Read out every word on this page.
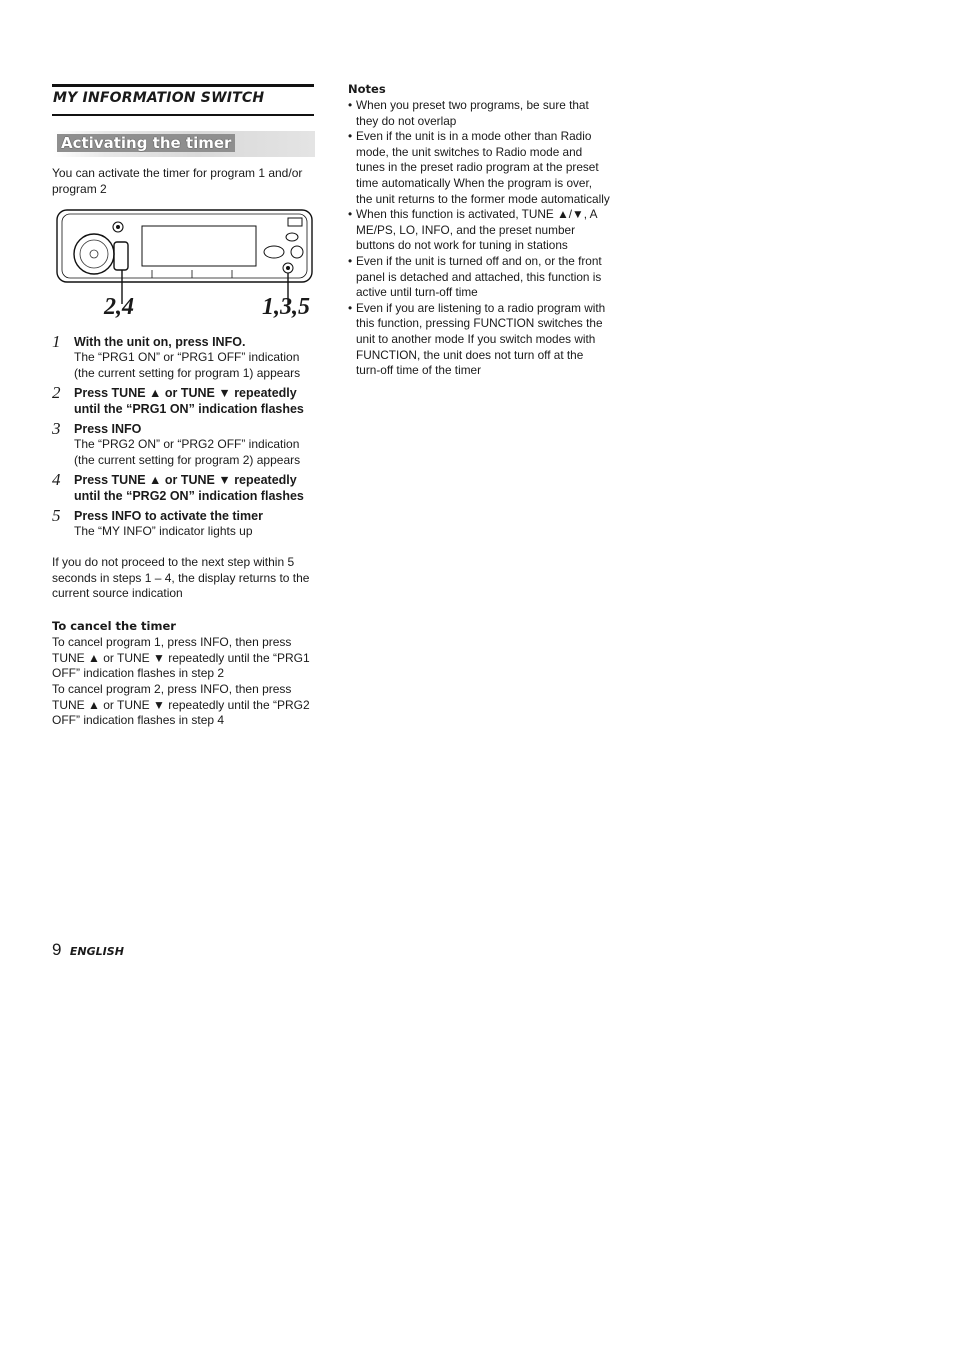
MY INFORMATION SWITCH
Activating the timer
You can activate the timer for program 1 and/or program 2
2,4	1,3,5
1 With the unit on, press INFO.
The “PRG1 ON” or “PRG1 OFF” indication (the current setting for program 1) appears
2 Press TUNE ▲ or TUNE ▼ repeatedly until the “PRG1 ON” indication flashes
3 Press INFO
The “PRG2 ON” or “PRG2 OFF” indication (the current setting for program 2) appears
4 Press TUNE ▲ or TUNE ▼ repeatedly until the “PRG2 ON” indication flashes
5 Press INFO to activate the timer
The “MY INFO” indicator lights up
If you do not proceed to the next step within 5 seconds in steps 1 – 4, the display returns to the current source indication
To cancel the timer
To cancel program 1, press INFO, then press TUNE ▲ or TUNE ▼ repeatedly until the “PRG1 OFF” indication flashes in step 2
To cancel program 2, press INFO, then press TUNE ▲ or TUNE ▼ repeatedly until the “PRG2 OFF” indication flashes in step 4
Notes
• When you preset two programs, be sure that they do not overlap
• Even if the unit is in a mode other than Radio mode, the unit switches to Radio mode and tunes in the preset radio program at the preset time automatically When the program is over, the unit returns to the former mode automatically
• When this function is activated, TUNE ▲/▼, A ME/PS, LO, INFO, and the preset number buttons do not work for tuning in stations
• Even if the unit is turned off and on, or the front panel is detached and attached, this function is active until turn-off time
• Even if you are listening to a radio program with this function, pressing FUNCTION switches the unit to another mode If you switch modes with FUNCTION, the unit does not turn off at the turn-off time of the timer
9 ENGLISH
